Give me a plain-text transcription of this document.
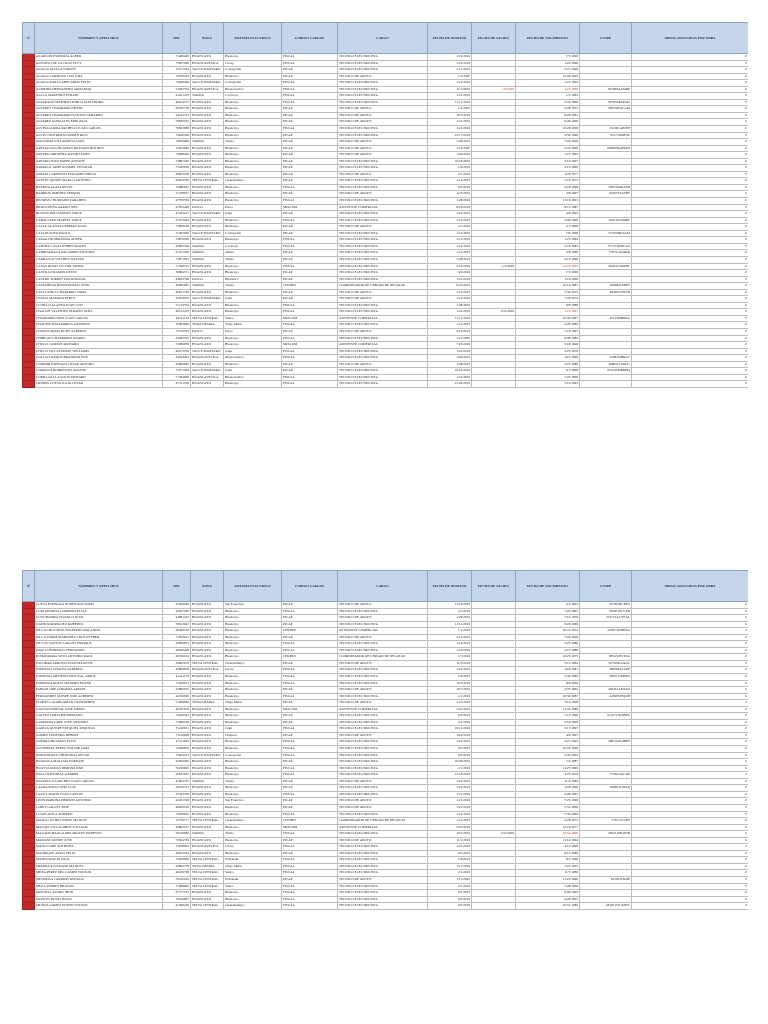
N°	NOMBRES Y APELLIDOS	DNI	ZONA	SISTEMA ELECTRICO	CODIGO CARGOS	CARGO	FECHA DE INGRESO	FECHA DE SALIDA	FECHA DE NACIMIENTO	CUSPP	OBRAS ASIGNADAS POR OBRA
	ALARCON ESPINOZA ALBER	71469448	HUANCAYO	Huancayo	FISCAL	TECNICO ELECTRICISTA	1/10/2019		7/7/1990		0
	ALFONSO DE LA CRUZ ELVY	73837290	HUANCAVELICA	Lircay	FISCAL	TECNICO ELECTRICISTA	1/21/2019		1/25/1996		0
	ALIAGA ALIAGA VIRGEN	72271344	VALLE MANTARO	Concepción	PICAP	TECNICO ELECTRICISTA	1/11/2019		3/27/1996		0
	ALIAGA CORDOVA LUIS JOEL	72976433	HUANCAYO	Huancayo	PICAP	TECNICO DE APOYO	1/5/2020		12/29/1993		0
	ALIAGA MATTA ABELARDO FELIX	74049468	VALLE MANTARO	Concepción	FISCAL	TECNICO ELECTRICISTA	1/21/2019		1/21/1994		0
	ALMEIDA HERNANDEZ ARMANDO	72062794	HUANCAVELICA	Huancavelica	FISCAL	TECNICO ELECTRICISTA	11/7/2019	1/9/2020	1/21/1996	205906AAMRP	0
	ALLCA MARTINEZ EFRAIN	41651476	TARMA	La Oroya	FISCAL	TECNICO ELECTRICISTA	1/21/2019		1/5/1983		0
	ALVARADO MATHEUS PABLO ALEJANDRO	46614573	HUANCAYO	Huancayo	FISCAL	TECNICO ELECTRICISTA	11/11/2019		5/24/1990	605550PAMAS	0
	ALVAREZ CHAMORRO FREDY	20035758	HUANCAYO	Huancayo	PICAP	TECNICO DE APOYO	1/2/2020		5/28/1975	260550FACAM	0
	ALVAREZ CHAMORRO SANTOS GERARDO	44412315	HUANCAYO	Huancayo	PICAP	TECNICO DE APOYO	10/7/2019		9/26/1981		0
	ALVAREZ GONZALES ERIK PAUL	76830525	HUANCAYO	Huancayo	PICAP	TECNICO DE APOYO	1/21/2019		9/29/1996		0
	ALVINAGORDA PACHECO JUAN CARLOS	70823988	HUANCAYO	Huancayo	FISCAL	TECNICO ELECTRICISTA	1/21/2019		10/28/1996	631601APJEH	0
	ALVIS CONTRERAS RUBEN RIOS	74646399	HUANCAYO	Huancayo	PICAP	TECNICO ELECTRICISTA	12/17/2019		4/30/1996	651750AHJIC	0
	ANCAJIMA VILLANUEVA DAVI	74819996	TARMA	Tarma	PICAP	TECNICO DE APOYO	1/28/2019		7/22/1996		0
	ARTEAGANA HUAMAN RICHARD HOLDEN	72923046	HUANCAYO	Huancayo	PICAP	TECNICO DE APOYO	1/15/2020		5/25/1996	656693RAHOM	0
	ARTURO ORDOÑEZ DAVID JAMES	74088450	HUANCAYO	Huancayo	PICAP	TECNICO DE APOYO	1/29/2019		1/21/1995		0
	ARTURO SOTO PAPPE ANTONY	74867540	HUANCAYO	Huancayo	PICAP	TECNICO ELECTRICISTA	10/16/2019		3/16/1997		0
	ASPARCO TAIPE ROSMEL YENATAN	71030030	HUANCAYO	Huancayo	PICAP	TECNICO ELECTRICISTA	1/9/2019		3/15/1990		0
	ASPAJO CARDENAS EDUARDO DIEGO	40603558	HUANCAYO	Huancayo	PICAP	TECNICO DE APOYO	2/1/2019		12/9/1977		0
	ASTETE QUISPE MARCO ANTONIO	40934760	SELVA CENTRAL	Chanchamayo	PICAP	TECNICO ELECTRICISTA	1/14/2019		1/21/1973		0
	BALBOA ALATA KEVIN	72086667	HUANCAYO	Huancayo	FISCAL	TECNICO ELECTRICISTA	9/2/2019		4/18/1998	589750AKAMI	0
	BARRIOS JIMENEZ YERSON	71338057	HUANCAYO	Huancayo	PICAP	TECNICO DE APOYO	12/3/2019		2/8/1997	654675YASBT	0
	BENDEZU HURTADO ZARAHIEL	47709559	HUANCAYO	Huancayo	FISCAL	TECNICO ELECTRICISTA	1/28/2019		11/10/1991		0
	BRAVO PEÑA AARON JOEL	47052448	PASCO	Pasco	MIXCOM	ASISTENTE COMERCIAL	8/16/2019		9/11/1987		0
	BUSTOS POLO EDWIN JOSUE	47243231	VALLE MANTARO	Jauja	PICAP	TECNICO ELECTRICISTA	1/21/2019		4/6/1992		0
	CABALLERO MARTEL JOSUE	47913494	HUANCAYO	Huancayo	FISCAL	TECNICO ELECTRICISTA	1/21/2019		3/20/1996	659102JAMRT	0
	CALLE ALANYA GERMAN JOAN	73008148	HUANCAYO	Huancayo	PICAP	TECNICO DE APOYO	2/1/2019		2/1/1998		0
	CALLPA SOTO PAOLA	71405049	VALLE MANTARO	Concepción	PICAP	TECNICO ELECTRICISTA	1/14/2019		7/9/1996	351950PKSAM	0
	CAMACHO MIRANDA ALBER	74879599	HUANCAYO	Huancayo	FISCAL	TECNICO ELECTRICISTA	2/11/2019		1/25/1994		0
	CAPCHA CASAS RUBEN MATEO	20863336	TARMA	La Oroya	FISCAL	TECNICO ELECTRICISTA	1/21/2019		2/18/1983	371515RMCLN	0
	CARHUAMACA PALOMINO ANTONIO	21417458	TARMA	Tarma	PICAP	TECNICO ELECTRICISTA	1/21/2019		3/6/1980	378751ANPAR	0
	CARRASCO VILCHEZ WALTER	73871925	TARMA	Tarma	PICAP	TECNICO ELECTRICISTA	1/28/2019		4/12/1996		0
	CASAS ROJAS VICTOR JAVIER	71528315	HUANCAYO	Huancayo	FISCAL	TECNICO ELECTRICISTA	2/13/2019	1/3/2020	12/25/1995	609531VRRBT	0
	CASTILLO RAMOS KEVIN	70864571	HUANCAYO	Huancayo	PICAP	TECNICO ELECTRICISTA	9/2/2019		7/3/1996		0
	CASTRO TORRES DAVID ROSAL	44832766	PASCO	Huachaca	PICAP	TECNICO ELECTRICISTA	1/21/2019		3/16/1996		0
	CASTAÑEDA HINOSTROZA LENIN	20965085	TARMA	Tarma	CHCBIN	COORDINADOR DE UNIDAD DE NEGOCIO	9/23/2019		10/14/1987	206982LEHIN	0
	CAYLLAHUA CHAPARRO VIDAL	46031729	HUANCAYO	Huancayo	PICAP	TECNICO DE APOYO	1/21/2019		7/30/1975	643623VPIVR	0
	CENCIA MAMANI PERCY	43019070	VALLE MANTARO	Jauja	PICAP	TECNICO DE APOYO	1/21/2019		7/20/1974		0
	CCOILLO ALANYA JUAN LUIS	71713794	HUANCAYO	Huancayo	FISCAL	TECNICO ELECTRICISTA	1/28/2019		9/8/1988		0
	CHACON VALENTIN SERAFIN NOEL	46512479	HUANCAYO	Huancayo	FISCAL	TECNICO ELECTRICISTA	1/21/2019	1/31/2020	1/21/1991		0
	CHAMORRO RIOS JUAN CARLOS	44741154	SELVA CENTRAL	Satipo	MIXCOM	ASISTENTE COMERCIAL	11/11/2019		10/30/1987	321330BRIRA	0
	CHAUPIS MATAMOROS ANTHONY	10083669	TINGO MARIA	Tingo Maria	FISCAL	TECNICO ELECTRICISTA	1/21/2019		4/20/1982		0
	CHAVEZ ARIAS RUDY ALBERTO	77150335	PASCO	Pasco	PICAP	TECNICO DE APOYO	4/16/2019		7/16/1997		0
	CHIHUAN CHAMORRO DANIEL	43950595	HUANCAYO	Huancayo	FISCAL	TECNICO ELECTRICISTA	1/15/2020		9/28/1985		0
	CHUCO CAMPOS RICHARD	72086958	HUANCAYO	Huancayo	MIXCOM	ASISTENTE COMERCIAL	7/25/2019		5/18/1996		0
	CHUCO VILLAFUERTE WILLIAMS	40273239	VALLE MANTARO	Jauja	FISCAL	TECNICO ELECTRICISTA	1/21/2019		3/25/1978		0
	COLLAO RAMOS BRANDON FOX	44264494	HUANCAVELICA	Huancavelica	FISCAL	TECNICO ELECTRICISTA	1/29/2019		10/5/1990	320843JBRGT	0
	CONDOR ESPINOZA CESAR ARTURO	42893682	HUANCAYO	Huancayo	PICAP	TECNICO DE APOYO	1/28/2019		3/21/1986	408651CERUG	0
	CORDOVA RODRIGUEZ MIGUEL	75071594	VALLE MANTARO	Jauja	PICAP	TECNICO ELECTRICISTA	10/14/2019		9/1/1998	655145MRRHQ	0
	CORILLOCLLA SOLIS RICHARD	71304849	HUANCAVELICA	Huancavelica	FISCAL	TECNICO ELECTRICISTA	1/21/2019		7/25/1996		0
	CRISPIN CUEVA JULIO CESAR	47311558	HUANCAYO	Huancayo	FISCAL	TECNICO ELECTRICISTA	12/20/2019		5/10/1993		0
N°	NOMBRES Y APELLIDOS	DNI	ZONA	SISTEMA ELECTRICO	CODIGO CARGOS	CARGO	FECHA DE INGRESO	FECHA DE SALIDA	FECHA DE NACIMIENTO	CUSPP	OBRAS ASIGNADAS POR OBRA
	CUEVA ESPINOZA RUBEN ROLANDO	47926248	HUANCAYO	San Francisco	PICAP	TECNICO DE APOYO	11/16/2019		4/5/1993	437961RCEFN	0
	CURI ARANDA CORDERO ELIAS	43027436	HUANCAYO	Huancayo	FISCAL	TECNICO ELECTRICISTA	2/1/2019		7/25/1997	565851ECCER	0
	CUYUBAMBA VIVANCO JUAN	44981423	HUANCAYO	Huancayo	PICAP	TECNICO DE APOYO	1/29/2019		7/15/1979	333721ACYEAL	0
	DAVID RODRIGUEZ ROBERTO	76813023	HUANCAYO	Huancayo	PICAP	TECNICO ELECTRICISTA	11/11/2019		9/25/1996		0
	DE LA CRUZ PINO WILFREDO ROLANDO	20499156	HUANCAYO	Huancayo	CHCBIN	AYUDANTE COMERCIAL	1/1/2019		10/31/1974	222973WDPNA	0
	DE LA TORRE MARTINEZ CRUZ ESTHER	71859021	HUANCAYO	Huancayo	PICAP	TECNICO DE APOYO	2/13/2019		7/22/1996		0
	DE LOS SANTOS CARLOS ENRIQUE	43856873	HUANCAYO	Huancayo	FISCAL	TECNICO ELECTRICISTA	1/14/2019		3/23/1986		0
	DIAZ CONTRERAS FERNANDO	40830408	HUANCAYO	Huancayo	FISCAL	TECNICO ELECTRICISTA	1/22/2019		2/15/1986		0
	ECHAVARRIA SOTO ANTONIO RAUL	20556104	HUANCAYO	Huancayo	CHCBIN	COORDINADOR DE UNIDAD DE NEGOCIO	1/7/2019		10/25/1975	985431ESTOA	0
	ESCOBAR ARROYO EUGENIA RUTH	19895679	SELVA CENTRAL	Chanchamayo	PICAP	TECNICO DE APOYO	11/3/2019		5/11/1984	327593EAAOC	0
	ESPINOZA CHAVEZ ALBERTO	40809938	HUANCAVELICA	Lircay	FISCAL	TECNICO ELECTRICISTA	1/21/2019		10/6/1981	390602ALCPE	0
	ESPINOZA MENESES PASCUAL JORGE	41411178	HUANCAYO	Huancayo	FISCAL	TECNICO ELECTRICISTA	1/9/2019		4/30/1982	399511JEPMN	0
	ESPINOZA ROJAS MAXIMO FRANK	71928013	HUANCAYO	Huancayo	FISCAL	TECNICO ELECTRICISTA	12/3/2019		8/6/1996		0
	FABIAN ORE CORAIMA ARDON	47800035	HUANCAYO	Huancayo	PICAP	TECNICO DE APOYO	10/7/2019		2/25/1992	438431AEOAN	0
	FERNANDEZ QUISPE JOSE ALBERTO	44746690	HUANCAYO	Huancayo	FISCAL	TECNICO ELECTRICISTA	2/1/2019		10/30/1987	420983JFQOB	0
	FLORES CAJAHUAMAN CRISTOPHER	71669984	TINGO MARIA	Tingo Maria	PICAP	TECNICO DE APOYO	1/21/2019		3/14/1998		0
	GALVAN ESPINAL JOSE SIMON	40767679	HUANCAYO	Huancayo	MIXCOM	ASISTENTE COMERCIAL	3/25/2019		11/24/1980		0
	GALVEZ LIMACHE EMERSON	74240342	HUANCAYO	Huancayo	PICAP	TECNICO ELECTRICISTA	6/3/2019		7/15/1996	612571JGSBEN	0
	GAMARRA TAIPE JOSE ANTONIO	77960238	HUANCAYO	Huancayo	PICAP	TECNICO ELECTRICISTA	2/1/2019		5/10/1998		0
	GARCIA QUISPE EZEQUIEL MIQUEAS	71240051	HUANCAYO	Jauja	FISCAL	TECNICO ELECTRICISTA	10/11/2019		5/17/1997		0
	GOMEZ LEDESMA HEBERT	71110008	HUANCAYO	Chupaca	PICAP	TECNICO DE APOYO	10/2/2019		4/9/1997		0
	GUERRA HUAMAN ELVIS	47311063	HUANCAYO	Huancayo	FISCAL	TECNICO ELECTRICISTA	1/21/2019		4/27/1992	288131EGHBN	0
	GUTIERREZ PEREZ WALDIR IAMS	73040856	HUANCAYO	Huancayo	FISCAL	TECNICO ELECTRICISTA	9/3/2019		10/31/1996		0
	HINOSTROZA CHUPURGO OSCAR	73404413	VALLE MANTARO	Concepción	FISCAL	TECNICO ELECTRICISTA	9/3/2019		3/30/1995		0
	HUARACA MALLMA ENRIQUE	45094495	HUANCAYO	Huancayo	PICAP	TECNICO ELECTRICISTA	10/30/2019		7/2/1987		0
	HUAYTA ROJAS DIMITRI JOSE	70250605	HUANCAYO	Huancayo	FISCAL	TECNICO ELECTRICISTA	2/1/2019		11/27/1995		0
	INGA CRISTOBAL GABRIEL	20815967	HUANCAYO	Huancayo	FISCAL	TECNICO ELECTRICISTA	12/16/2019		3/25/1979	375621GICRE	0
	INGARUCA SANCHEZ JUAN CARLOS	41963755	TARMA	Tarma	PICAP	TECNICO DE APOYO	1/21/2019		11/2/1982		0
	LAURA ROJAS JOSE LUIS	20619313	HUANCAYO	Huancayo	PICAP	TECNICO ELECTRICISTA	1/21/2019		12/8/1990	948851LJRLR	0
	LAZO LAVADO JUAN CARLOS	70543338	HUANCAYO	Huancayo	FISCAL	TECNICO ELECTRICISTA	1/11/2019		5/28/1997		0
	LEON PARIONA HERSON ANTONIO	42451328	HUANCAYO	San Francisco	PICAP	TECNICO DE APOYO	1/21/2019		7/25/1999		0
	LOPEZ GALVEZ JOSE	46656106	HUANCAYO	Huancayo	PICAP	TECNICO DE APOYO	1/21/2019		5/31/1990		0
	LUJAN AVILA ANDREW	74599620	HUANCAYO	Huancayo	FISCAL	TECNICO ELECTRICISTA	1/21/2019		7/30/1994		0
	MAITA CASTRO JORGE MANUEL	15756771	SELVA CENTRAL	Chanchamayo	CHCBIN	COORDINADOR DE UNIDAD DE NEGOCIO	1/21/2019		4/26/1975	7761151VPN	0
	MALQUI VILLALOBOS WILLIAM	40803237	HUANCAYO	Huancayo	MIXCOM	ASISTENTE COMERCIAL	3/25/2019		12/19/1977		0
	MALQUICHAGUA ORE MIGUEL ERNESTO	78216082	TARMA	Tarma	FISCAL	TECNICO ELECTRICISTA	10/1/2019	1/31/2020	10/31/1996	450213MLPNR	0
	MAMANI QUISPE JOSE	70504784	HUANCAYO	Huancayo	PICAP	TECNICO DE APOYO	11/1/2019		11/12/1994		0
	MANCO ORE ANTHONY	75938094	HUANCAVELICA	Lircay	FISCAL	TECNICO ELECTRICISTA	1/21/2019		4/10/1999		0
	MANRIQUE ARIAS FELIX	40912344	HUANCAYO	Huancayo	PICAP	TECNICO ELECTRICISTA	9/3/2019		8/13/1980		0
	MATEO MAYTA SAUL	72659906	SELVA CENTRAL	Pichanaki	FISCAL	TECNICO ELECTRICISTA	1/8/2019		8/5/1996		0
	MEDINA ALVARADO MANUEL	20803778	TINGO MARIA	Tingo Maria	FISCAL	TECNICO ELECTRICISTA	1/17/2019		1/27/1975		0
	MEJIA PEREZ DEL CAMPO WILSON	40439768	SELVA CENTRAL	Satipo	FISCAL	TECNICO ELECTRICISTA	2/1/2019		11/7/1980		0
	MENDOZA CARRION RONALD	70412263	SELVA CENTRAL	Pichanaki	PICAP	TECNICO DE APOYO	1/15/2020		11/25/1996	653951CRDE	0
	MEZA TORRES BRAYAN	71669090	SELVA CENTRAL	Satipo	FISCAL	TECNICO ELECTRICISTA	2/1/2019		7/28/1996		0
	MOLINA CASTRO JHON	47757781	HUANCAYO	Huancayo	FISCAL	TECNICO ELECTRICISTA	9/2/2019		6/20/1993		0
	MONTES ROJAS HUGO	70034807	HUANCAYO	Huancayo	FISCAL	TECNICO ELECTRICISTA	9/3/2019		4/28/1997		0
	MUÑOZ GOMEZ EDWIN WILSON	41568436	SELVA CENTRAL	Chanchamayo	FISCAL	TECNICO ELECTRICISTA	9/3/2019		10/31/1982	481871WGMWT	0
